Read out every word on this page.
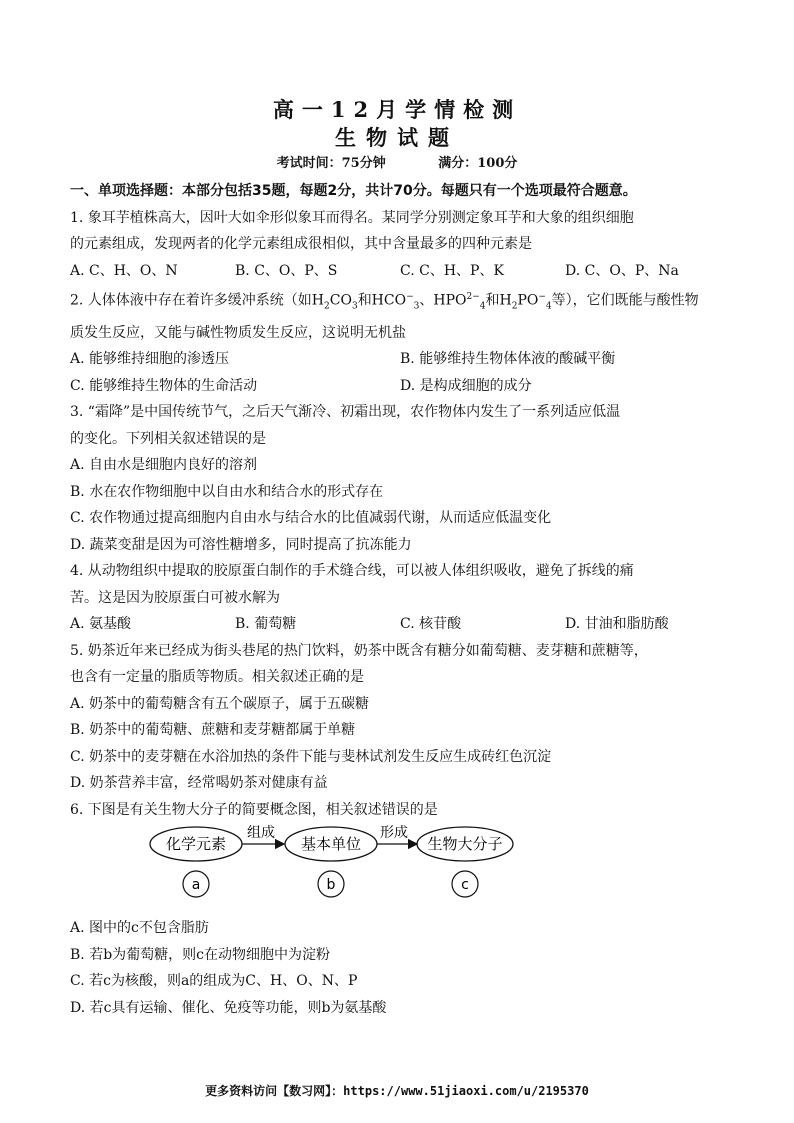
高一12月学情检测
生物试题
考试时间：75分钟	满分：100分
一、单项选择题：本部分包括35题，每题2分，共计70分。每题只有一个选项最符合题意。
1. 象耳芋植株高大，因叶大如伞形似象耳而得名。某同学分别测定象耳芋和大象的组织细胞
的元素组成，发现两者的化学元素组成很相似，其中含量最多的四种元素是
A. C、H、O、N	B. C、O、P、S	C. C、H、P、K	D. C、O、P、Na
2. 人体体液中存在着许多缓冲系统（如$H_2CO_3$和$HCO^-_3$、$HPO^{2-}_4$和$H_2PO^-_4$等），它们既能与酸性物
质发生反应，又能与碱性物质发生反应，这说明无机盐
A. 能够维持细胞的渗透压	B. 能够维持生物体体液的酸碱平衡
C. 能够维持生物体的生命活动	D. 是构成细胞的成分
3. “霜降”是中国传统节气，之后天气渐冷、初霜出现，农作物体内发生了一系列适应低温
的变化。下列相关叙述错误的是
A. 自由水是细胞内良好的溶剂
B. 水在农作物细胞中以自由水和结合水的形式存在
C. 农作物通过提高细胞内自由水与结合水的比值减弱代谢，从而适应低温变化
D. 蔬菜变甜是因为可溶性糖增多，同时提高了抗冻能力
4. 从动物组织中提取的胶原蛋白制作的手术缝合线，可以被人体组织吸收，避免了拆线的痛
苦。这是因为胶原蛋白可被水解为
A. 氨基酸	B. 葡萄糖	C. 核苷酸	D. 甘油和脂肪酸
5. 奶茶近年来已经成为街头巷尾的热门饮料，奶茶中既含有糖分如葡萄糖、麦芽糖和蔗糖等，
也含有一定量的脂质等物质。相关叙述正确的是
A. 奶茶中的葡萄糖含有五个碳原子，属于五碳糖
B. 奶茶中的葡萄糖、蔗糖和麦芽糖都属于单糖
C. 奶茶中的麦芽糖在水浴加热的条件下能与斐林试剂发生反应生成砖红色沉淀
D. 奶茶营养丰富，经常喝奶茶对健康有益
6. 下图是有关生物大分子的简要概念图，相关叙述错误的是
化学元素
组成
基本单位
形成
生物大分子
a	b	c
A. 图中的c不包含脂肪
B. 若b为葡萄糖，则c在动物细胞中为淀粉
C. 若c为核酸，则a的组成为C、H、O、N、P
D. 若c具有运输、催化、免疫等功能，则b为氨基酸
更多资料访问【数习网】：https://www.51jiaoxi.com/u/2195370
